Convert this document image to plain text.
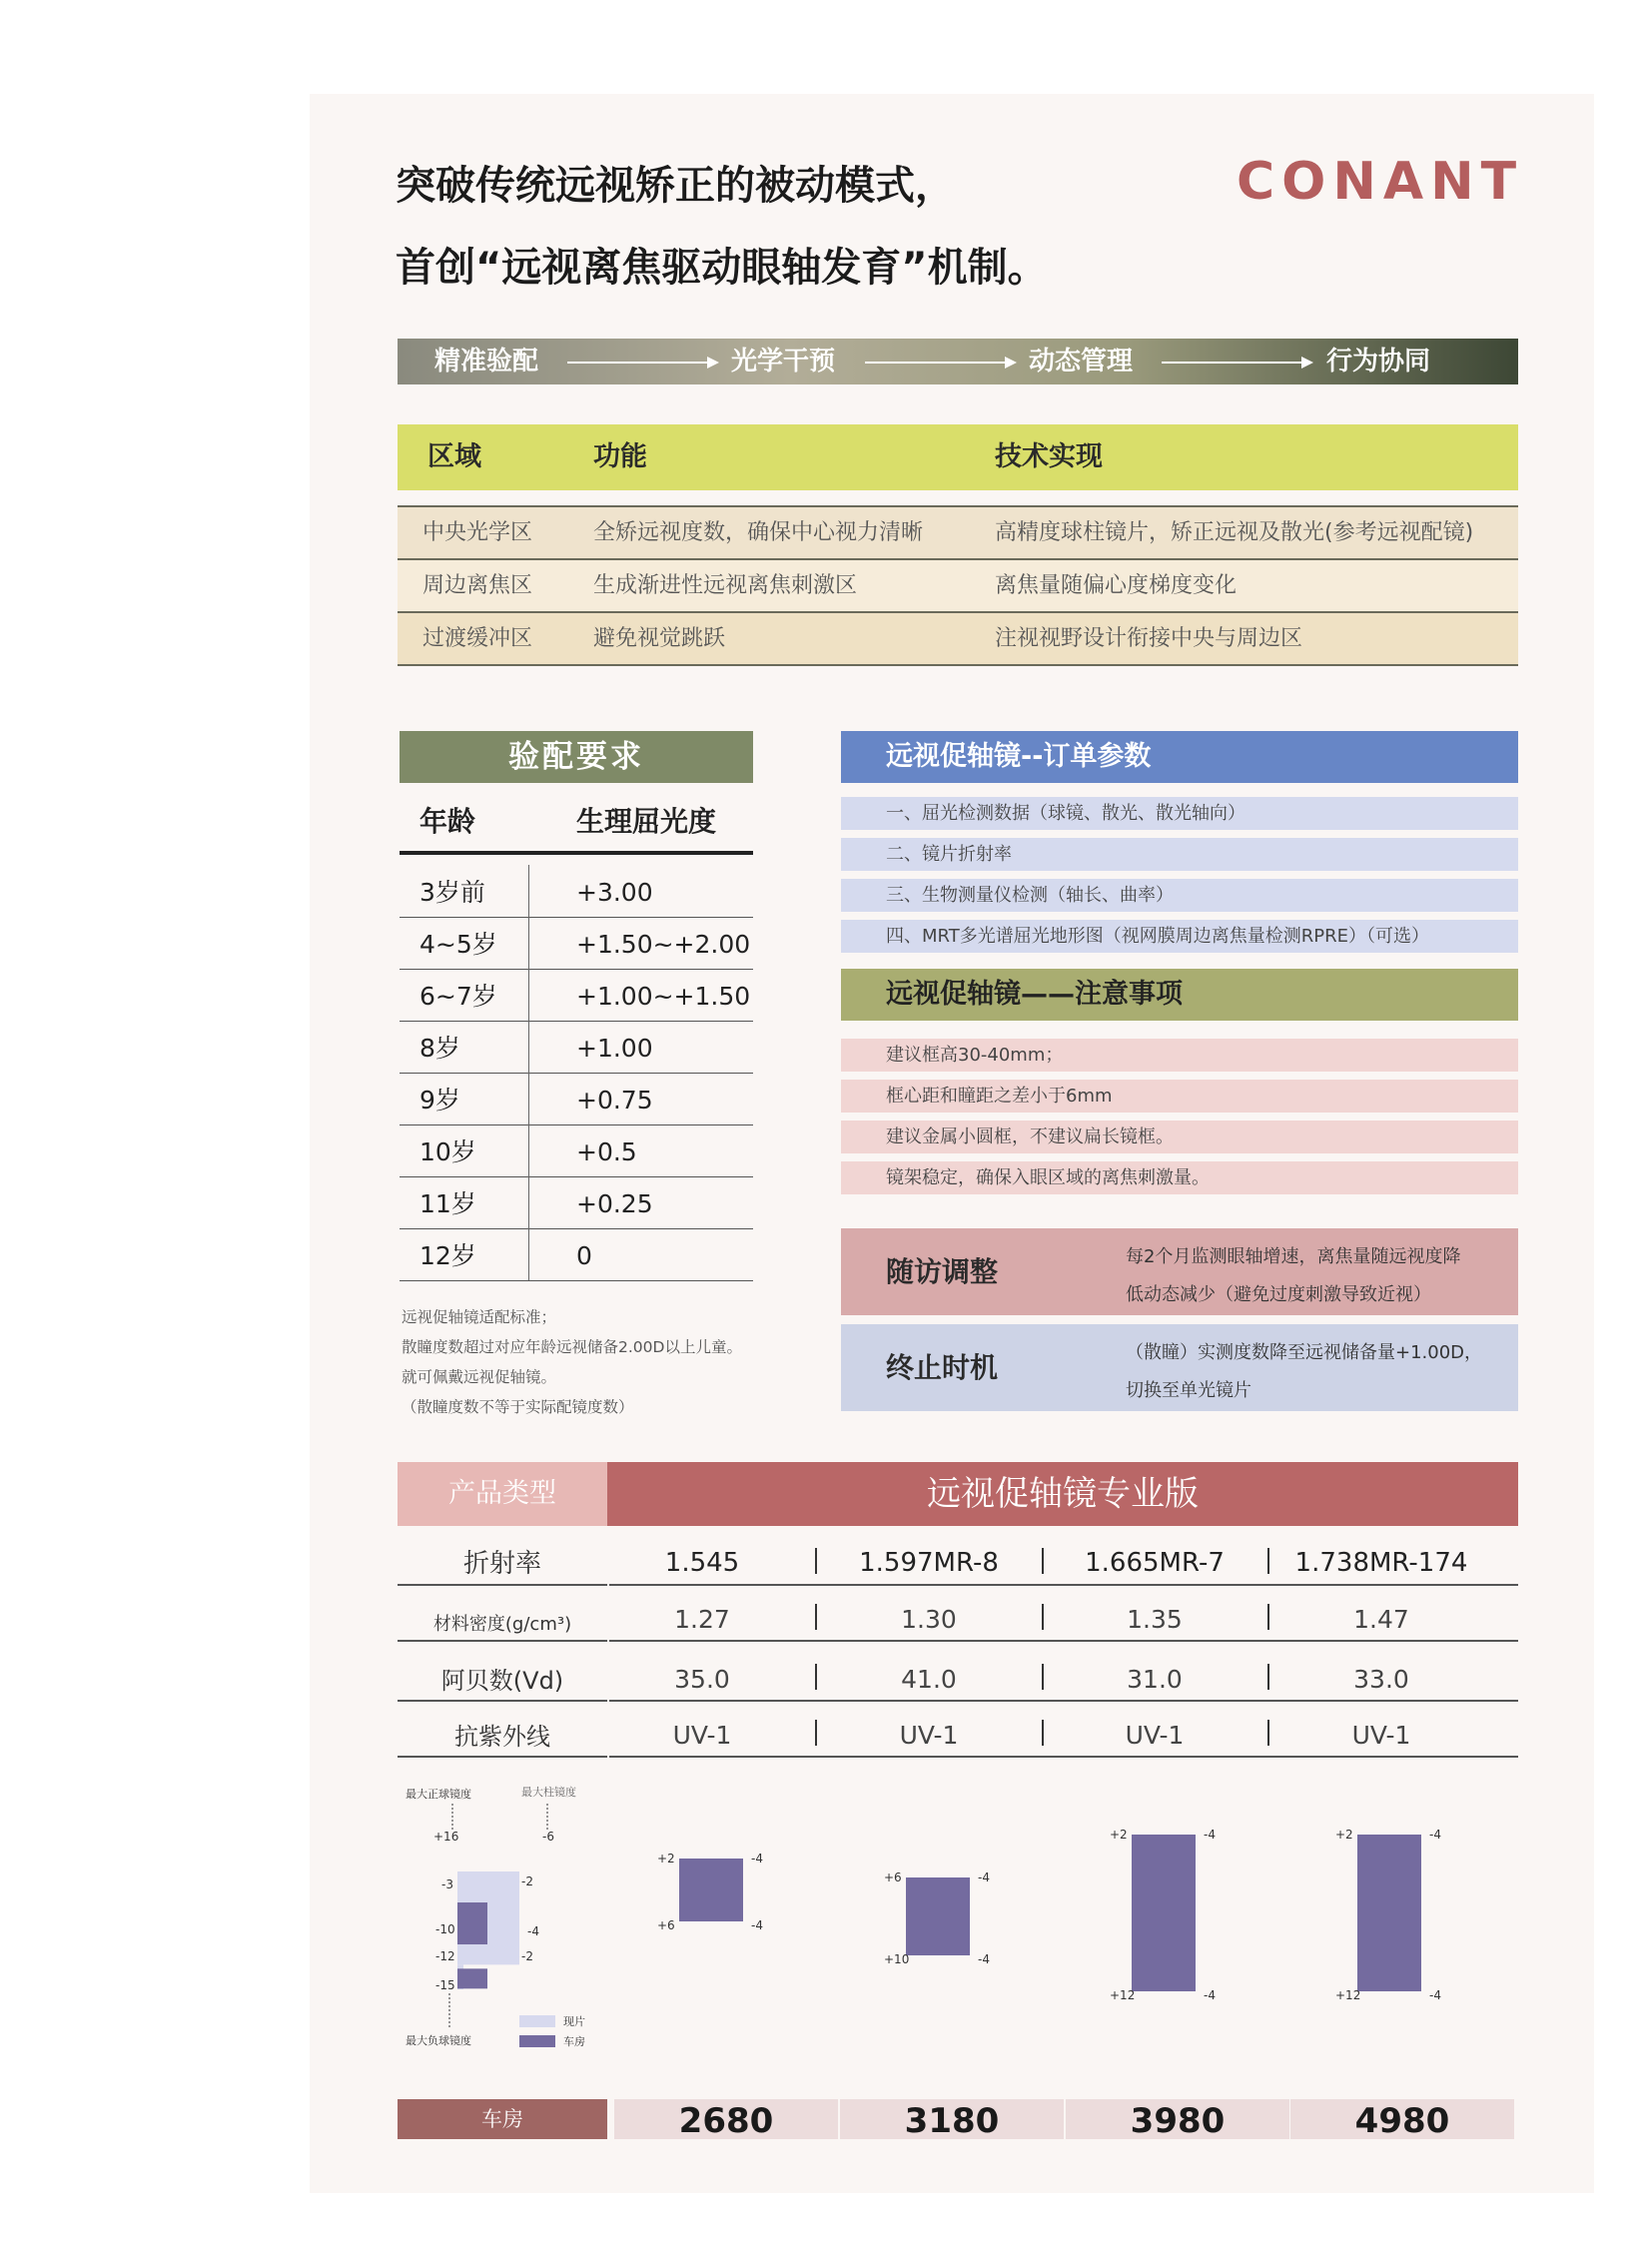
突破传统远视矫正的被动模式，
首创“远视离焦驱动眼轴发育”机制。
CONANT
精准验配	光学干预	动态管理	行为协同
区域	功能	技术实现
中央光学区	全矫远视度数，确保中心视力清晰	高精度球柱镜片，矫正远视及散光(参考远视配镜)
周边离焦区	生成渐进性远视离焦刺激区	离焦量随偏心度梯度变化
过渡缓冲区	避免视觉跳跃	注视视野设计衔接中央与周边区
验配要求
年龄	生理屈光度
3岁前	+3.00
4~5岁	+1.50~+2.00
6~7岁	+1.00~+1.50
8岁	+1.00
9岁	+0.75
10岁	+0.5
11岁	+0.25
12岁	0
远视促轴镜适配标准；
散瞳度数超过对应年龄远视储备2.00D以上儿童。
就可佩戴远视促轴镜。
（散瞳度数不等于实际配镜度数）
远视促轴镜--订单参数
一、屈光检测数据（球镜、散光、散光轴向）
二、镜片折射率
三、生物测量仪检测（轴长、曲率）
四、MRT多光谱屈光地形图（视网膜周边离焦量检测RPRE）（可选）
远视促轴镜——注意事项
建议框高30-40mm；
框心距和瞳距之差小于6mm
建议金属小圆框，不建议扁长镜框。
镜架稳定，确保入眼区域的离焦刺激量。
随访调整	每2个月监测眼轴增速，离焦量随远视度降
低动态减少（避免过度刺激导致近视）
终止时机	（散瞳）实测度数降至远视储备量+1.00D，
切换至单光镜片
产品类型	远视促轴镜专业版
折射率	1.545	1.597MR-8	1.665MR-7	1.738MR-174
材料密度(g/cm³)	1.27	1.30	1.35	1.47
阿贝数(Vd)	35.0	41.0	31.0	33.0
抗紫外线	UV-1	UV-1	UV-1	UV-1
最大正球镜度	最大柱镜度
+16
-3
-10
-12
-15
-6
-2
-4
-2
最大负球镜度
现片
车房
+2
+6
-4
-4
+6
+10
-4
-4
+2
+12
-4
-4
+2
+12
-4
-4
车房	2680	3180	3980	4980
